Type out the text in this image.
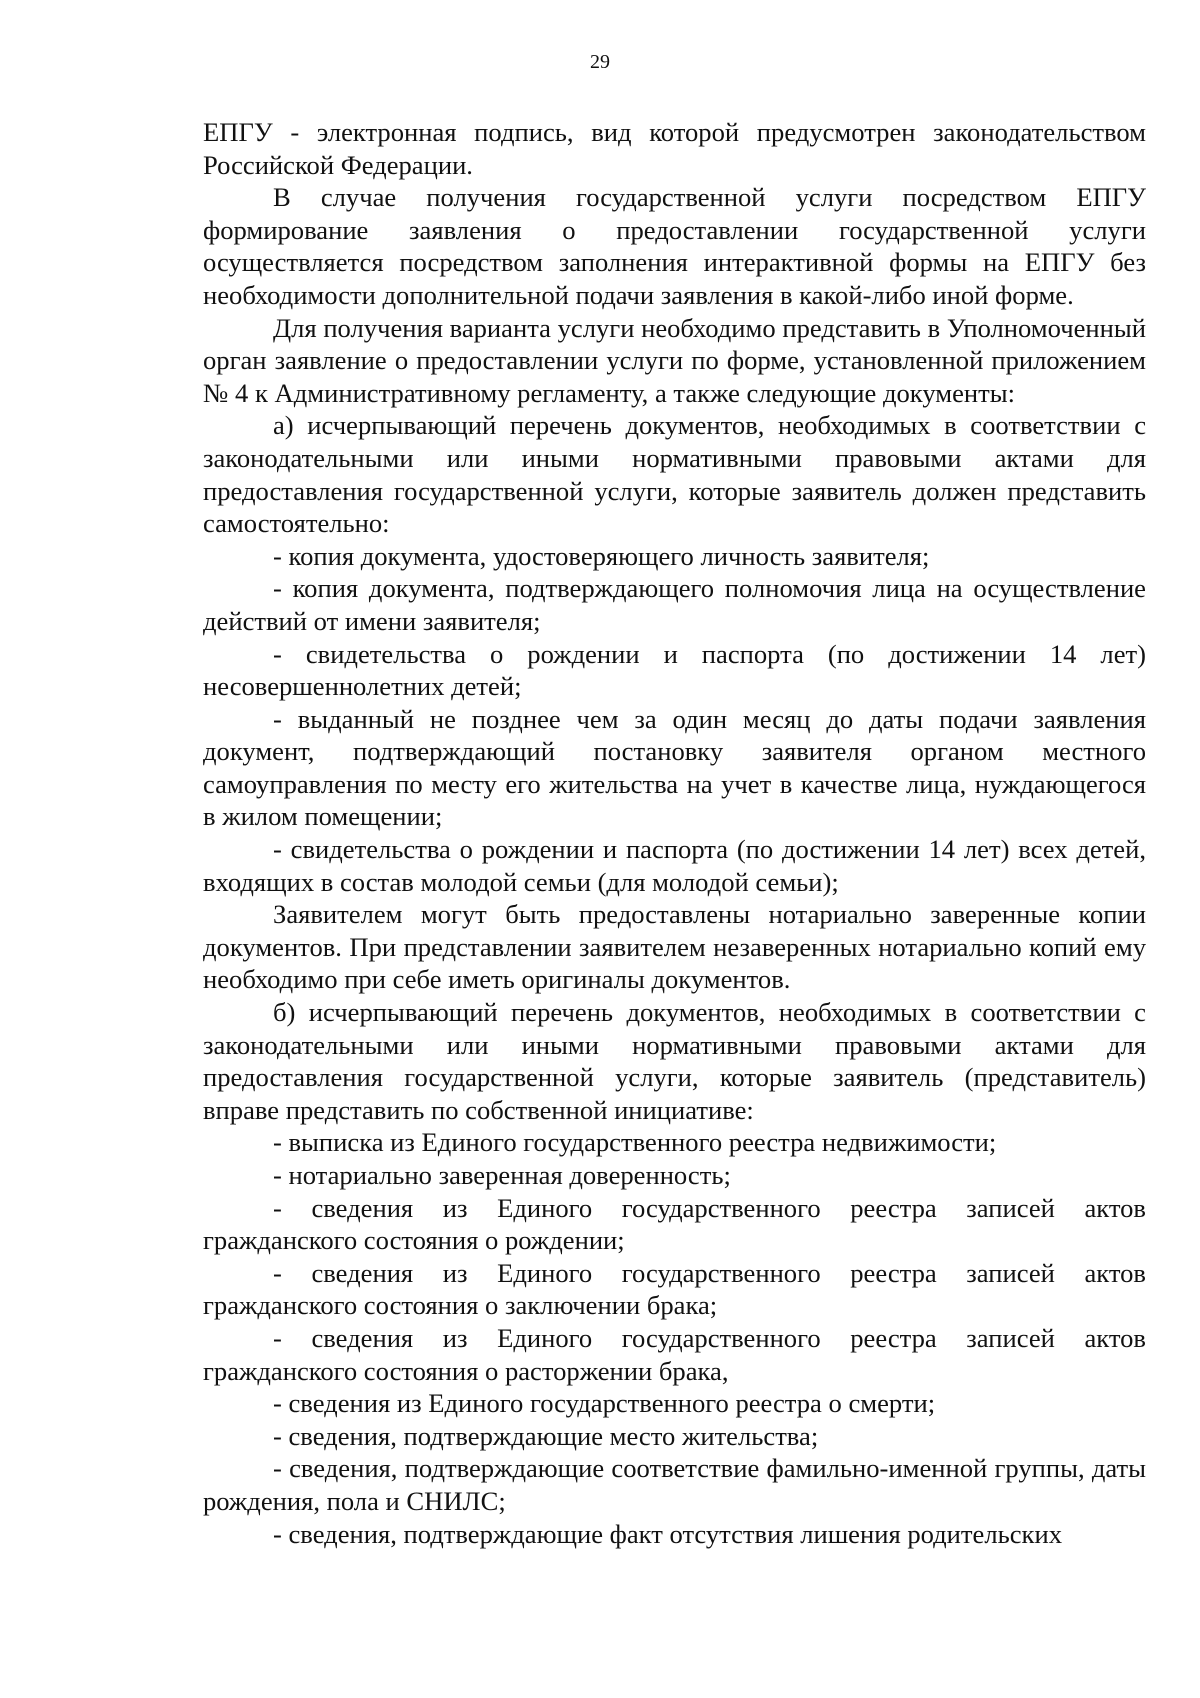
29

ЕПГУ - электронная подпись, вид которой предусмотрен законодательством Российской Федерации.

В случае получения государственной услуги посредством ЕПГУ формирование заявления о предоставлении государственной услуги осуществляется посредством заполнения интерактивной формы на ЕПГУ без необходимости дополнительной подачи заявления в какой-либо иной форме.

Для получения варианта услуги необходимо представить в Уполномоченный орган заявление о предоставлении услуги по форме, установленной приложением № 4 к Административному регламенту, а также следующие документы:

а) исчерпывающий перечень документов, необходимых в соответствии с законодательными или иными нормативными правовыми актами для предоставления государственной услуги, которые заявитель должен представить самостоятельно:

- копия документа, удостоверяющего личность заявителя;

- копия документа, подтверждающего полномочия лица на осуществление действий от имени заявителя;

- свидетельства о рождении и паспорта (по достижении 14 лет) несовершеннолетних детей;

- выданный не позднее чем за один месяц до даты подачи заявления документ, подтверждающий постановку заявителя органом местного самоуправления по месту его жительства на учет в качестве лица, нуждающегося в жилом помещении;

- свидетельства о рождении и паспорта (по достижении 14 лет) всех детей, входящих в состав молодой семьи (для молодой семьи);

Заявителем могут быть предоставлены нотариально заверенные копии документов. При представлении заявителем незаверенных нотариально копий ему необходимо при себе иметь оригиналы документов.

б) исчерпывающий перечень документов, необходимых в соответствии с законодательными или иными нормативными правовыми актами для предоставления государственной услуги, которые заявитель (представитель) вправе представить по собственной инициативе:

- выписка из Единого государственного реестра недвижимости;

- нотариально заверенная доверенность;

- сведения из Единого государственного реестра записей актов гражданского состояния о рождении;

- сведения из Единого государственного реестра записей актов гражданского состояния о заключении брака;

- сведения из Единого государственного реестра записей актов гражданского состояния о расторжении брака,

- сведения из Единого государственного реестра о смерти;

- сведения, подтверждающие место жительства;

- сведения, подтверждающие соответствие фамильно-именной группы, даты рождения, пола и СНИЛС;

- сведения, подтверждающие факт отсутствия лишения родительских
